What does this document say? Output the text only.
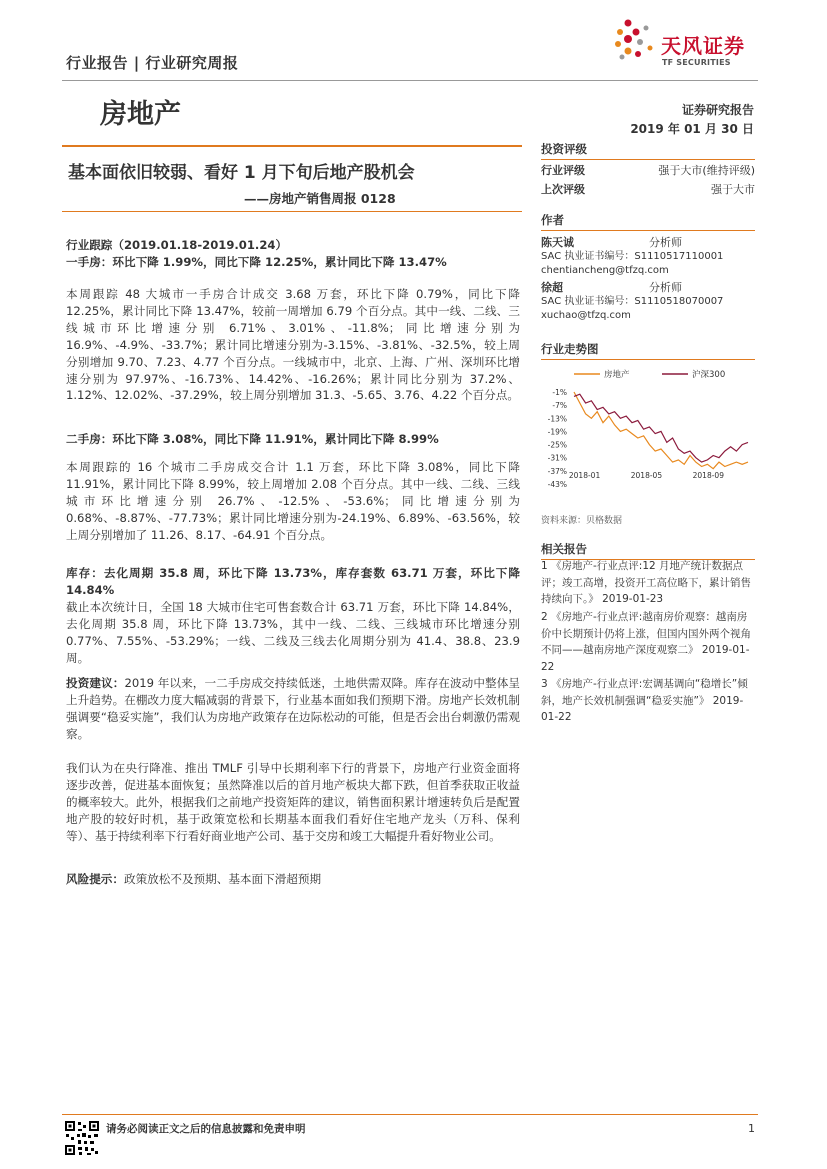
行业报告 | 行业研究周报
天风证券
TF SECURITIES
房地产	证券研究报告
2019 年 01 月 30 日
基本面依旧较弱、看好 1 月下旬后地产股机会
——房地产销售周报 0128
行业跟踪（2019.01.18-2019.01.24）
一手房：环比下降 1.99%，同比下降 12.25%，累计同比下降 13.47%
本周跟踪 48 大城市一手房合计成交 3.68 万套，环比下降 0.79%，同比下降 12.25%，累计同比下降 13.47%，较前一周增加 6.79 个百分点。其中一线、二线、三线城市环比增速分别 6.71%、3.01%、-11.8%；同比增速分别为 16.9%、-4.9%、-33.7%；累计同比增速分别为-3.15%、-3.81%、-32.5%，较上周分别增加 9.70、7.23、4.77 个百分点。一线城市中，北京、上海、广州、深圳环比增速分别为 97.97%、-16.73%、14.42%、-16.26%；累计同比分别为 37.2%、1.12%、12.02%、-37.29%，较上周分别增加 31.3、-5.65、3.76、4.22 个百分点。
二手房：环比下降 3.08%，同比下降 11.91%，累计同比下降 8.99%
本周跟踪的 16 个城市二手房成交合计 1.1 万套，环比下降 3.08%，同比下降 11.91%，累计同比下降 8.99%，较上周增加 2.08 个百分点。其中一线、二线、三线城市环比增速分别 26.7%、-12.5%、-53.6%；同比增速分别为 0.68%、-8.87%、-77.73%；累计同比增速分别为-24.19%、6.89%、-63.56%，较上周分别增加了 11.26、8.17、-64.91 个百分点。
库存：去化周期 35.8 周，环比下降 13.73%，库存套数 63.71 万套，环比下降 14.84%
截止本次统计日，全国 18 大城市住宅可售套数合计 63.71 万套，环比下降 14.84%，去化周期 35.8 周，环比下降 13.73%，其中一线、二线、三线城市环比增速分别 0.77%、7.55%、-53.29%；一线、二线及三线去化周期分别为 41.4、38.8、23.9 周。
投资建议：2019 年以来，一二手房成交持续低迷，土地供需双降。库存在波动中整体呈上升趋势。在棚改力度大幅减弱的背景下，行业基本面如我们预期下滑。房地产长效机制强调要“稳妥实施”，我们认为房地产政策存在边际松动的可能，但是否会出台刺激仍需观察。
我们认为在央行降准、推出 TMLF 引导中长期利率下行的背景下，房地产行业资金面将逐步改善，促进基本面恢复；虽然降准以后的首月地产板块大都下跌，但首季获取正收益的概率较大。此外，根据我们之前地产投资矩阵的建议，销售面积累计增速转负后是配置地产股的较好时机，基于政策宽松和长期基本面我们看好住宅地产龙头（万科、保利等）、基于持续利率下行看好商业地产公司、基于交房和竣工大幅提升看好物业公司。
风险提示：政策放松不及预期、基本面下滑超预期
投资评级
行业评级	强于大市(维持评级)
上次评级	强于大市
作者
陈天诚	分析师
SAC 执业证书编号：S1110517110001
chentiancheng@tfzq.com
徐超	分析师
SAC 执业证书编号：S1110518070007
xuchao@tfzq.com
行业走势图
房地产	沪深300
-1%
-7%
-13%
-19%
-25%
-31%
-37%
-43%
2018-01	2018-05	2018-09
资料来源：贝格数据
相关报告
1 《房地产-行业点评:12 月地产统计数据点评；竣工高增，投资开工高位略下，累计销售持续向下。》 2019-01-23
2 《房地产-行业点评:越南房价观察：越南房价中长期预计仍将上涨，但国内国外两个视角不同——越南房地产深度观察二》 2019-01-22
3 《房地产-行业点评:宏调基调向“稳增长”倾斜，地产长效机制强调“稳妥实施”》 2019-01-22
请务必阅读正文之后的信息披露和免责申明	1
